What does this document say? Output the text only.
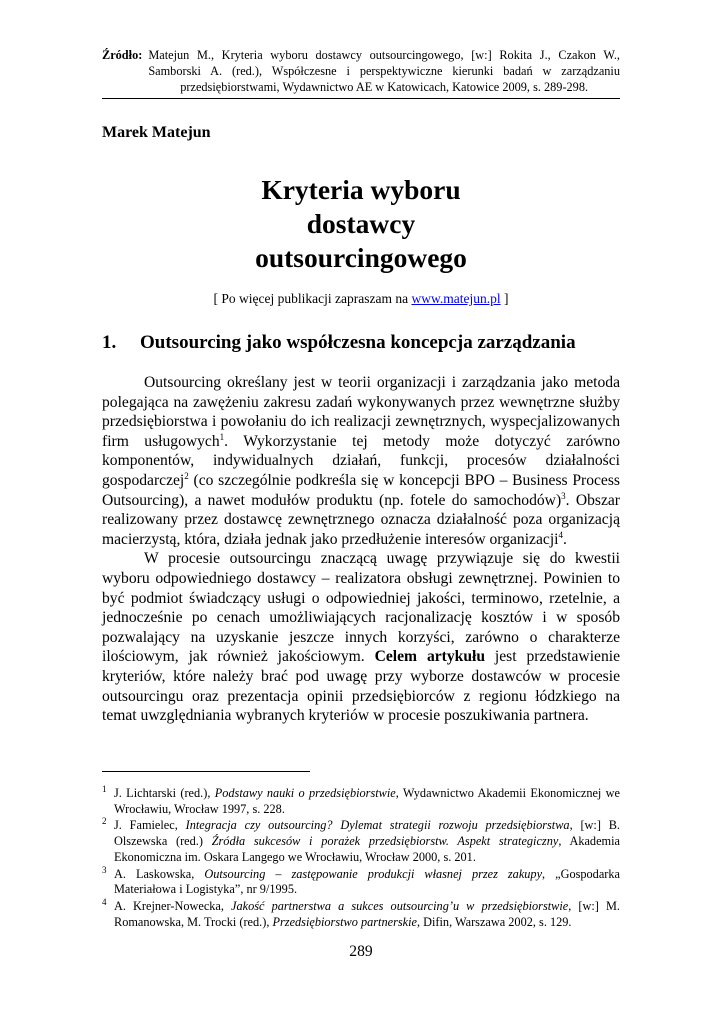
Źródło: Matejun M., Kryteria wyboru dostawcy outsourcingowego, [w:] Rokita J., Czakon W., Samborski A. (red.), Współczesne i perspektywiczne kierunki badań w zarządzaniu przedsiębiorstwami, Wydawnictwo AE w Katowicach, Katowice 2009, s. 289-298.
Marek Matejun
Kryteria wyboru
dostawcy
outsourcingowego
[ Po więcej publikacji zapraszam na www.matejun.pl ]
1. Outsourcing jako współczesna koncepcja zarządzania

Outsourcing określany jest w teorii organizacji i zarządzania jako metoda polegająca na zawężeniu zakresu zadań wykonywanych przez wewnętrzne służby przedsiębiorstwa i powołaniu do ich realizacji zewnętrznych, wyspecjalizowanych firm usługowych$^1$. Wykorzystanie tej metody może dotyczyć zarówno komponentów, indywidualnych działań, funkcji, procesów działalności gospodarczej$^2$ (co szczególnie podkreśla się w koncepcji BPO – Business Process Outsourcing), a nawet modułów produktu (np. fotele do samochodów)$^3$. Obszar realizowany przez dostawcę zewnętrznego oznacza działalność poza organizacją macierzystą, która, działa jednak jako przedłużenie interesów organizacji$^4$.

W procesie outsourcingu znaczącą uwagę przywiązuje się do kwestii wyboru odpowiedniego dostawcy – realizatora obsługi zewnętrznej. Powinien to być podmiot świadczący usługi o odpowiedniej jakości, terminowo, rzetelnie, a jednocześnie po cenach umożliwiających racjonalizację kosztów i w sposób pozwalający na uzyskanie jeszcze innych korzyści, zarówno o charakterze ilościowym, jak również jakościowym. Celem artykułu jest przedstawienie kryteriów, które należy brać pod uwagę przy wyborze dostawców w procesie outsourcingu oraz prezentacja opinii przedsiębiorców z regionu łódzkiego na temat uwzględniania wybranych kryteriów w procesie poszukiwania partnera.

1 J. Lichtarski (red.), Podstawy nauki o przedsiębiorstwie, Wydawnictwo Akademii Ekonomicznej we Wrocławiu, Wrocław 1997, s. 228.
2 J. Famielec, Integracja czy outsourcing? Dylemat strategii rozwoju przedsiębiorstwa, [w:] B. Olszewska (red.) Źródła sukcesów i porażek przedsiębiorstw. Aspekt strategiczny, Akademia Ekonomiczna im. Oskara Langego we Wrocławiu, Wrocław 2000, s. 201.
3 A. Laskowska, Outsourcing – zastępowanie produkcji własnej przez zakupy, „Gospodarka Materiałowa i Logistyka”, nr 9/1995.
4 A. Krejner-Nowecka, Jakość partnerstwa a sukces outsourcing’u w przedsiębiorstwie, [w:] M. Romanowska, M. Trocki (red.), Przedsiębiorstwo partnerskie, Difin, Warszawa 2002, s. 129.
289
